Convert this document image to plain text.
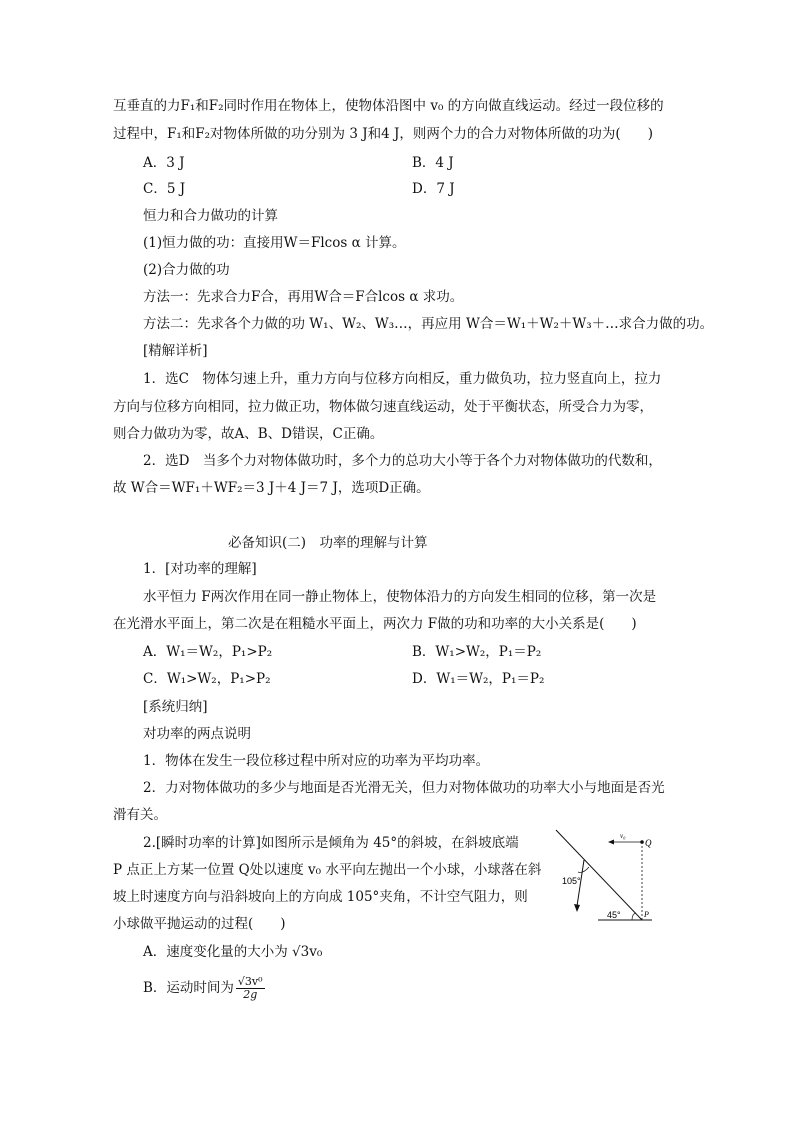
互垂直的力F₁和F₂同时作用在物体上，使物体沿图中 v₀ 的方向做直线运动。经过一段位移的
过程中，F₁和F₂对物体所做的功分别为 3 J和4 J，则两个力的合力对物体所做的功为(　　)
A．3 J	B．4 J
C．5 J	D．7 J
恒力和合力做功的计算
(1)恒力做的功：直接用W＝Flcos α 计算。
(2)合力做的功
方法一：先求合力F合，再用W合＝F合lcos α 求功。
方法二：先求各个力做的功 W₁、W₂、W₃…，再应用 W合＝W₁＋W₂＋W₃＋…求合力做的功。
[精解详析]
1．选C　物体匀速上升，重力方向与位移方向相反，重力做负功，拉力竖直向上，拉力
方向与位移方向相同，拉力做正功，物体做匀速直线运动，处于平衡状态，所受合力为零，
则合力做功为零，故A、B、D错误，C正确。
2．选D　当多个力对物体做功时，多个力的总功大小等于各个力对物体做功的代数和，
故 W合＝WF₁＋WF₂＝3 J＋4 J＝7 J，选项D正确。
必备知识(二)　功率的理解与计算
1．[对功率的理解]
水平恒力 F两次作用在同一静止物体上，使物体沿力的方向发生相同的位移，第一次是
在光滑水平面上，第二次是在粗糙水平面上，两次力 F做的功和功率的大小关系是(　　)
A．W₁＝W₂，P₁>P₂	B．W₁>W₂，P₁＝P₂
C．W₁>W₂，P₁>P₂	D．W₁＝W₂，P₁＝P₂
[系统归纳]
对功率的两点说明
1．物体在发生一段位移过程中所对应的功率为平均功率。
2．力对物体做功的多少与地面是否光滑无关，但力对物体做功的功率大小与地面是否光
滑有关。
2.[瞬时功率的计算]如图所示是倾角为 45°的斜坡，在斜坡底端
P 点正上方某一位置 Q处以速度 v₀ 水平向左抛出一个小球，小球落在斜
坡上时速度方向与沿斜坡向上的方向成 105°夹角，不计空气阻力，则
小球做平抛运动的过程(　　)
A．速度变化量的大小为 √3v₀
B．运动时间为 $\frac{\text{√3v⁰}}{2g}$
v₀
Q
105°
45°	P
